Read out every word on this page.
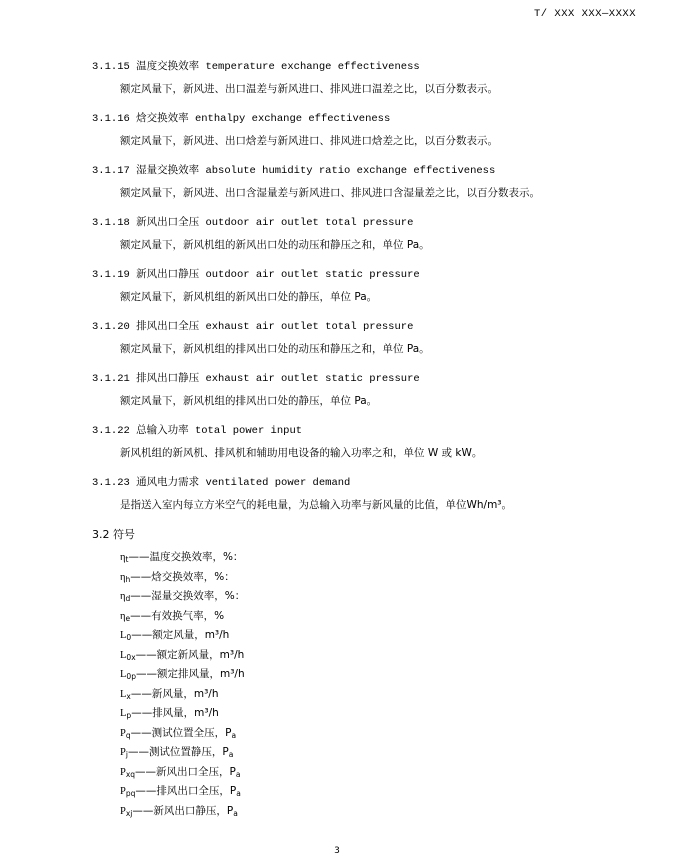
T/ XXX XXX—XXXX
3.1.15 温度交换效率 temperature exchange effectiveness
额定风量下，新风进、出口温差与新风进口、排风进口温差之比，以百分数表示。
3.1.16 焓交换效率 enthalpy exchange effectiveness
额定风量下，新风进、出口焓差与新风进口、排风进口焓差之比，以百分数表示。
3.1.17 湿量交换效率 absolute humidity ratio exchange effectiveness
额定风量下，新风进、出口含湿量差与新风进口、排风进口含湿量差之比，以百分数表示。
3.1.18 新风出口全压 outdoor air outlet total pressure
额定风量下，新风机组的新风出口处的动压和静压之和，单位 Pa。
3.1.19 新风出口静压 outdoor air outlet static pressure
额定风量下，新风机组的新风出口处的静压，单位 Pa。
3.1.20 排风出口全压 exhaust air outlet total pressure
额定风量下，新风机组的排风出口处的动压和静压之和，单位 Pa。
3.1.21 排风出口静压 exhaust air outlet static pressure
额定风量下，新风机组的排风出口处的静压，单位 Pa。
3.1.22 总输入功率 total power input
新风机组的新风机、排风机和辅助用电设备的输入功率之和，单位 W 或 kW。
3.1.23 通风电力需求 ventilated power demand
是指送入室内每立方米空气的耗电量，为总输入功率与新风量的比值，单位Wh/m³。
3.2 符号
$\eta_t——$温度交换效率，%：
$\eta_h——$焓交换效率，%：
$\eta_d——$湿量交换效率，%：
$\eta_e——$有效换气率，%
$L_0——$额定风量，m³/h
$L_{0x}——$额定新风量，m³/h
$L_{0p}——$额定排风量，m³/h
$L_x——$新风量，m³/h
$L_p——$排风量，m³/h
$P_q——$测试位置全压，$P_a$
$P_j——$测试位置静压，$P_a$
$P_{xq}——$新风出口全压，$P_a$
$P_{pq}——$排风出口全压，$P_a$
$P_{xj}——$新风出口静压，$P_a$
3
